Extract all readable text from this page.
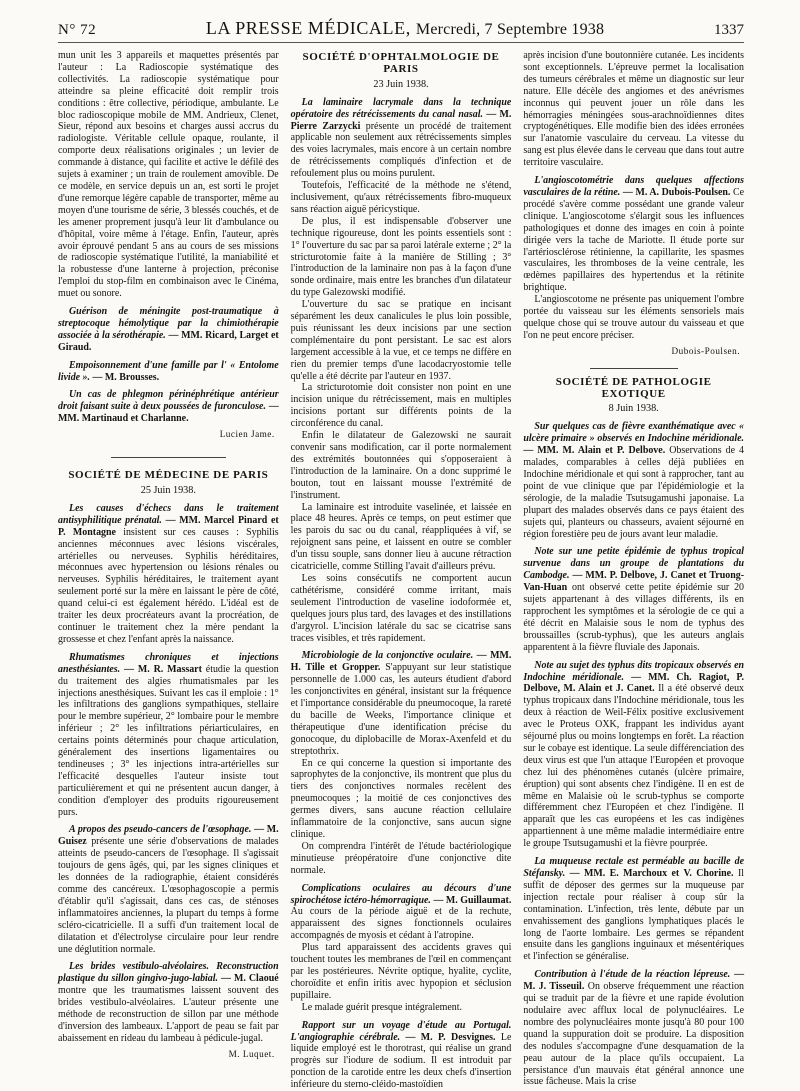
N° 72	LA PRESSE MÉDICALE, Mercredi, 7 Septembre 1938	1337

mun unit les 3 appareils et maquettes présentés par l'auteur : La Radioscopie systématique des collectivités. La radioscopie systématique pour atteindre sa pleine efficacité doit remplir trois conditions : être collective, périodique, ambulante. Le bloc radioscopique mobile de MM. Andrieux, Clenet, Sieur, répond aux besoins et charges aussi accrus du radiologiste. Véritable cellule opaque, roulante, il comporte deux réalisations originales ; un levier de commande à distance, qui facilite et active le défilé des sujets à examiner ; un train de roulement amovible. De ce modèle, en service depuis un an, est sorti le projet d'une remorque légère capable de transporter, même au moyen d'une tourisme de série, 3 blessés couchés, et de les amener proprement jusqu'à leur lit d'ambulance ou d'hôpital, voire même à l'étage. Enfin, l'auteur, après avoir éprouvé pendant 5 ans au cours de ses missions de radioscopie systématique l'utilité, la maniabilité et la robustesse d'une lanterne à projection, préconise l'emploi du stop-film en combinaison avec le Cinéma, muet ou sonore.

Guérison de méningite post-traumatique à streptocoque hémolytique par la chimiothérapie associée à la sérothérapie. — MM. Ricard, Larget et Giraud.

Empoisonnement d'une famille par l' « Entolome livide ». — M. Brousses.

Un cas de phlegmon périnéphrétique antérieur droit faisant suite à deux poussées de furonculose. — MM. Martinaud et Charlanne.

Lucien Jame.
SOCIÉTÉ DE MÉDECINE DE PARIS
25 Juin 1938.

Les causes d'échecs dans le traitement antisyphilitique prénatal. — MM. Marcel Pinard et P. Montagne insistent sur ces causes : Syphilis anciennes méconnues avec lésions viscérales, artérielles ou nerveuses. Syphilis héréditaires, méconnues avec hypertension ou lésions rénales ou nerveuses. Syphilis héréditaires, le traitement ayant seulement porté sur la mère en laissant le père de côté, quand celui-ci est également hérédo. L'idéal est de traiter les deux procréateurs avant la procréation, de continuer le traitement chez la mère pendant la grossesse et chez l'enfant après la naissance.

Rhumatismes chroniques et injections anesthésiantes. — M. R. Massart étudie la question du traitement des algies rhumatismales par les injections anesthésiques. Suivant les cas il emploie : 1° les infiltrations des ganglions sympathiques, stellaire pour le membre supérieur, 2° lombaire pour le membre inférieur ; 2° les infiltrations périarticulaires, en certains points déterminés pour chaque articulation, généralement des insertions ligamentaires ou tendineuses ; 3° les injections intra-artérielles sur l'efficacité desquelles l'auteur insiste tout particulièrement et qui ne présentent aucun danger, à condition d'employer des produits rigoureusement purs.

A propos des pseudo-cancers de l'œsophage. — M. Guisez présente une série d'observations de malades atteints de pseudo-cancers de l'œsophage. Il s'agissait toujours de gens âgés, qui, par les signes cliniques et les données de la radiographie, étaient considérés comme des cancéreux. L'œsophagoscopie a permis d'établir qu'il s'agissait, dans ces cas, de sténoses inflammatoires anciennes, la plupart du temps à forme scléro-cicatricielle. Il a suffi d'un traitement local de dilatation et d'électrolyse circulaire pour leur rendre une déglutition normale.

Les brides vestibulo-alvéolaires. Reconstruction plastique du sillon gingivo-jugo-labial. — M. Claoué montre que les traumatismes laissent souvent des brides vestibulo-alvéolaires. L'auteur présente une méthode de reconstruction de sillon par une méthode d'inversion des lambeaux. L'apport de peau se fait par abaissement en rideau du lambeau à pédicule-jugal.

M. Luquet.
SOCIÉTÉ D'OPHTALMOLOGIE DE PARIS
23 Juin 1938.

La laminaire lacrymale dans la technique opératoire des rétrécissements du canal nasal. — M. Pierre Zarzycki présente un procédé de traitement applicable non seulement aux rétrécissements simples des voies lacrymales, mais encore à un certain nombre de rétrécissements compliqués d'infection et de refoulement plus ou moins purulent.

Toutefois, l'efficacité de la méthode ne s'étend, inclusivement, qu'aux rétrécissements fibro-muqueux sans réaction aiguë péricystique.

De plus, il est indispensable d'observer une technique rigoureuse, dont les points essentiels sont : 1° l'ouverture du sac par sa paroi latérale externe ; 2° la stricturotomie faite à la manière de Stilling ; 3° l'introduction de la laminaire non pas à la façon d'une sonde ordinaire, mais entre les branches d'un dilatateur du type Galezowski modifié.

L'ouverture du sac se pratique en incisant séparément les deux canalicules le plus loin possible, puis réunissant les deux incisions par une section complémentaire du pont persistant. Le sac est alors largement accessible à la vue, et ce temps ne diffère en rien du premier temps d'une lacodacryostomie telle qu'elle a été décrite par l'auteur en 1937.

La stricturotomie doit consister non point en une incision unique du rétrécissement, mais en multiples incisions portant sur différents points de la circonférence du canal.

Enfin le dilatateur de Galezowski ne saurait convenir sans modification, car il porte normalement des extrémités boutonnées qui s'opposeraient à l'introduction de la laminaire. On a donc supprimé le bouton, tout en laissant mousse l'extrémité de l'instrument.

La laminaire est introduite vaselinée, et laissée en place 48 heures. Après ce temps, on peut estimer que les parois du sac ou du canal, réappliquées à vif, se rejoignent sans peine, et laissent en outre se combler d'un tissu souple, sans donner lieu à aucune rétraction cicatricielle, comme Stilling l'avait d'ailleurs prévu.

Les soins consécutifs ne comportent aucun cathétérisme, considéré comme irritant, mais seulement l'introduction de vaseline iodoformée et, quelques jours plus tard, des lavages et des instillations d'argyrol. L'incision latérale du sac se cicatrise sans traces visibles, et très rapidement.

Microbiologie de la conjonctive oculaire. — MM. H. Tille et Gropper. S'appuyant sur leur statistique personnelle de 1.000 cas, les auteurs étudient d'abord les conjonctivites en général, insistant sur la fréquence et l'importance considérable du pneumocoque, la rareté du bacille de Weeks, l'importance clinique et thérapeutique d'une identification précise du gonocoque, du diplobacille de Morax-Axenfeld et du streptothrix.

En ce qui concerne la question si importante des saprophytes de la conjonctive, ils montrent que plus du tiers des conjonctives normales recèlent des pneumocoques ; la moitié de ces conjonctives des germes divers, sans aucune réaction cellulaire inflammatoire de la conjonctive, sans aucun signe clinique.

On comprendra l'intérêt de l'étude bactériologique minutieuse préopératoire d'une conjonctive dite normale.

Complications oculaires au décours d'une spirochétose ictéro-hémorragique. — M. Guillaumat. Au cours de la période aiguë et de la rechute, apparaissent des signes fonctionnels oculaires accompagnés de myosis et cédant à l'atropine.

Plus tard apparaissent des accidents graves qui touchent toutes les membranes de l'œil en commençant par les postérieures. Névrite optique, hyalite, cyclite, choroïdite et enfin iritis avec hypopion et séclusion pupillaire.

Le malade guérit presque intégralement.

Rapport sur un voyage d'étude au Portugal. L'angiographie cérébrale. — M. P. Desvignes. Le liquide employé est le thorotrast, qui réalise un grand progrès sur l'iodure de sodium. Il est introduit par ponction de la carotide entre les deux chefs d'insertion inférieure du sterno-cléido-mastoïdien

après incision d'une boutonnière cutanée. Les incidents sont exceptionnels. L'épreuve permet la localisation des tumeurs cérébrales et même un diagnostic sur leur nature. Elle décèle des angiomes et des anévrismes inconnus qui peuvent jouer un rôle dans les hémorragies méningées sous-arachnoïdiennes dites cryptogénétiques. Elle modifie bien des idées erronées sur l'anatomie vasculaire du cerveau. La vitesse du sang est plus élevée dans le cerveau que dans tout autre territoire vasculaire.

L'angioscotométrie dans quelques affections vasculaires de la rétine. — M. A. Dubois-Poulsen. Ce procédé s'avère comme possédant une grande valeur clinique. L'angioscotome s'élargit sous les influences pathologiques et donne des images en coin à pointe dirigée vers la tache de Mariotte. Il étude porte sur l'artériosclérose rétinienne, la capillarite, les spasmes vasculaires, les thromboses de la veine centrale, les œdèmes papillaires des hypertendus et la rétinite brightique.

L'angioscotome ne présente pas uniquement l'ombre portée du vaisseau sur les éléments sensoriels mais quelque chose qui se trouve autour du vaisseau et que l'on ne peut encore préciser.

Dubois-Poulsen.
SOCIÉTÉ DE PATHOLOGIE EXOTIQUE
8 Juin 1938.

Sur quelques cas de fièvre exanthématique avec « ulcère primaire » observés en Indochine méridionale. — MM. M. Alain et P. Delbove. Observations de 4 malades, comparables à celles déjà publiées en Indochine méridionale et qui sont à rapprocher, tant au point de vue clinique que par l'épidémiologie et la sérologie, de la maladie Tsutsugamushi japonaise. La plupart des malades observés dans ce pays étaient des sujets qui, planteurs ou chasseurs, avaient séjourné en région forestière peu de jours avant leur maladie.

Note sur une petite épidémie de typhus tropical survenue dans un groupe de plantations du Cambodge. — MM. P. Delbove, J. Canet et Truong-Van-Huan ont observé cette petite épidémie sur 20 sujets appartenant à des villages différents, ils en rapprochent les symptômes et la sérologie de ce qui a été décrit en Malaisie sous le nom de typhus des broussailles (scrub-typhus), que les auteurs anglais apparentent à la fièvre fluviale des Japonais.

Note au sujet des typhus dits tropicaux observés en Indochine méridionale. — MM. Ch. Ragiot, P. Delbove, M. Alain et J. Canet. Il a été observé deux typhus tropicaux dans l'Indochine méridionale, tous les deux à réaction de Weil-Félix positive exclusivement avec le Proteus OXK, frappant les individus ayant séjourné plus ou moins longtemps en forêt. La réaction sur le cobaye est identique. La seule différenciation des deux virus est que l'un attaque l'Européen et provoque chez lui des phénomènes cutanés (ulcère primaire, éruption) qui sont absents chez l'indigène. Il en est de même en Malaisie où le scrub-typhus se comporte différemment chez l'Européen et chez l'indigène. Il apparaît que les cas européens et les cas indigènes appartiennent à une même maladie intermédiaire entre le groupe Tsutsugamushi et la fièvre pourprée.

La muqueuse rectale est perméable au bacille de Stéfansky. — MM. E. Marchoux et V. Chorine. Il suffit de déposer des germes sur la muqueuse par injection rectale pour réaliser à coup sûr la contamination. L'infection, très lente, débute par un envahissement des ganglions lymphatiques placés le long de l'aorte lombaire. Les germes se répandent ensuite dans les ganglions inguinaux et mésentériques et l'infection se généralise.

Contribution à l'étude de la réaction lépreuse. — M. J. Tisseuil. On observe fréquemment une réaction qui se traduit par de la fièvre et une rapide évolution nodulaire avec afflux local de polynucléaires. Le nombre des polynucléaires monte jusqu'à 80 pour 100 quand la suppuration doit se produire. La disposition des nodules s'accompagne d'une desquamation de la peau autour de la place qu'ils occupaient. La persistance d'un mauvais état général annonce une issue fâcheuse. Mais la crise
